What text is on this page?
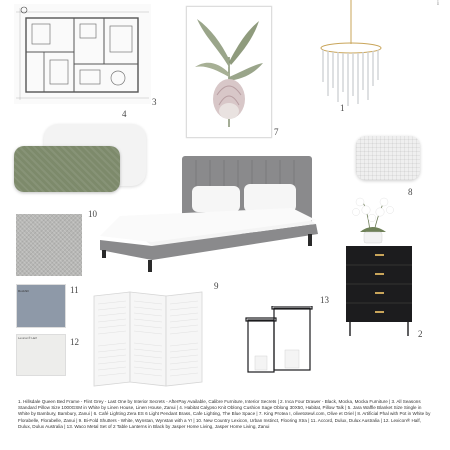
3
7
1
i
4
8
9
2
10
Rockhill	11
Lexicon® Half	12
13
1. Hillsdale Queen Bed Frame - Flint Grey - Last One by Interior Secrets - AfterPay Available, Calibre Furniture, Interior Secrets | 2. Inca Four Drawer - Black, Mocka, Mocka Furniture | 3. All Seasons Standard Pillow Size 1000GSM in White by Linen House, Linen House, Zanui | 4. Habitat Calypso Knit Oblong Cushion Sage Oblong 30X50, Habitat, Pillow Talk | 5. Jara Waffle Blanket Size Single in White by Bambury, Bambury, Zanui | 6. Café Lighting Zera ES 6 Light Pendant Brass, Cafe Lighting, The Blue Space | 7. King Protea I, olivetotewl.com, Olive et Oriel | 8. Artificial Phal with Pot in White by Florabelle, Florabelle, Zanui | 9. Bi-Fold Shutters - White, Wynstan, Wynstan with a Y! | 10. New Country Lexicon, Urban Instinct, Flooring Xtra | 11. Accord, Dulux, Dulux Australia | 12. Lexicon® Half, Dulux, Dulux Australia | 13. Waco Metal Set of 2 Table Lanterns in Black by Jasper Home Living, Jasper Home Living, Zanui
